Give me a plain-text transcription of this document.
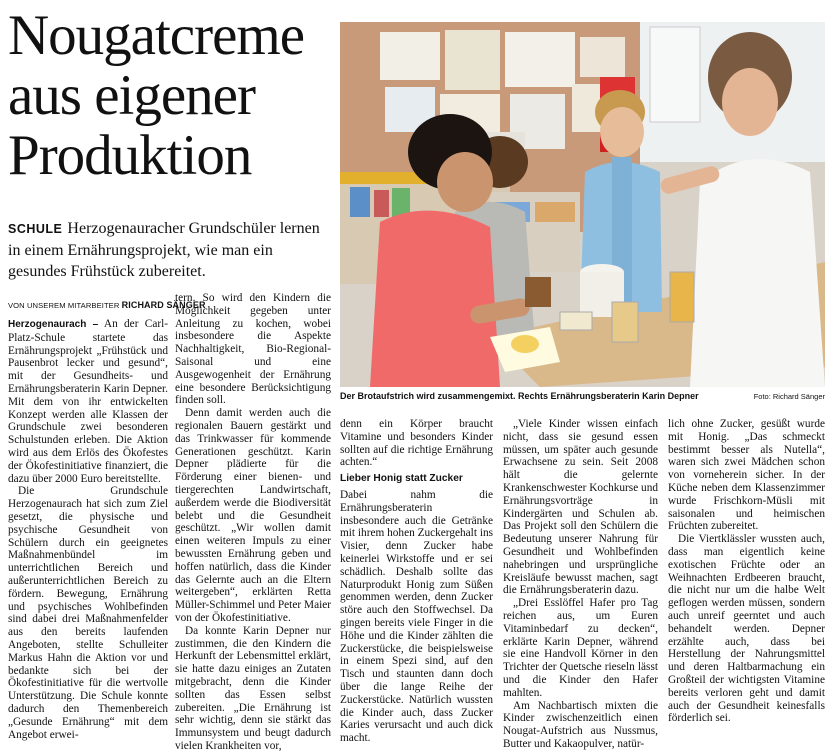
Nougatcreme aus eigener Produktion
SCHULE Herzogenauracher Grundschüler lernen in einem Ernährungsprojekt, wie man ein gesundes Frühstück zubereitet.
VON UNSEREM MITARBEITER RICHARD SÄNGER
Der Brotaufstrich wird zusammengemixt. Rechts Ernährungsberaterin Karin Depner	Foto: Richard Sänger

Herzogenaurach – An der Carl-Platz-Schule startete das Ernährungsprojekt „Frühstück und Pausenbrot lecker und gesund“, mit der Gesundheits- und Ernährungsberaterin Karin Depner. Mit dem von ihr entwickelten Konzept werden alle Klassen der Grundschule zwei besonderen Schulstunden erleben. Die Aktion wird aus dem Erlös des Ökofestes der Ökofestinitiative finanziert, die dazu über 2000 Euro bereitstellte.

Die Grundschule Herzogenaurach hat sich zum Ziel gesetzt, die physische und psychische Gesundheit von Schülern durch ein geeignetes Maßnahmenbündel im unterrichtlichen Bereich und außerunterrichtlichen Bereich zu fördern. Bewegung, Ernährung und psychisches Wohlbefinden sind dabei drei Maßnahmenfelder aus den bereits laufenden Angeboten, stellte Schulleiter Markus Hahn die Aktion vor und bedankte sich bei der Ökofestinitiative für die wertvolle Unterstützung. Die Schule konnte dadurch den Themenbereich „Gesunde Ernährung“ mit dem Angebot erwei-

tern. So wird den Kindern die Möglichkeit gegeben unter Anleitung zu kochen, wobei insbesondere die Aspekte Nachhaltigkeit, Bio-Regional-Saisonal und eine Ausgewogenheit der Ernährung eine besondere Berücksichtigung finden soll.

Denn damit werden auch die regionalen Bauern gestärkt und das Trinkwasser für kommende Generationen geschützt. Karin Depner plädierte für die Förderung einer bienen- und tiergerechten Landwirtschaft, außerdem werde die Biodiversität belebt und die Gesundheit geschützt. „Wir wollen damit einen weiteren Impuls zu einer bewussten Ernährung geben und hoffen natürlich, dass die Kinder das Gelernte auch an die Eltern weitergeben“, erklärten Retta Müller-Schimmel und Peter Maier von der Ökofestinitiative.

Da konnte Karin Depner nur zustimmen, die den Kindern die Herkunft der Lebensmittel erklärt, sie hatte dazu einiges an Zutaten mitgebracht, denn die Kinder sollten das Essen selbst zubereiten. „Die Ernährung ist sehr wichtig, denn sie stärkt das Immunsystem und beugt dadurch vielen Krankheiten vor,

denn ein Körper braucht Vitamine und besonders Kinder sollten auf die richtige Ernährung achten.“

Lieber Honig statt Zucker

Dabei nahm die Ernährungsberaterin insbesondere auch die Getränke mit ihrem hohen Zuckergehalt ins Visier, denn Zucker habe keinerlei Wirkstoffe und er sei schädlich. Deshalb sollte das Naturprodukt Honig zum Süßen genommen werden, denn Zucker störe auch den Stoffwechsel. Da gingen bereits viele Finger in die Höhe und die Kinder zählten die Zuckerstücke, die beispielsweise in einem Spezi sind, auf den Tisch und staunten dann doch über die lange Reihe der Zuckerstücke. Natürlich wussten die Kinder auch, dass Zucker Karies verursacht und auch dick macht.

„Viele Kinder wissen einfach nicht, dass sie gesund essen müssen, um später auch gesunde Erwachsene zu sein. Seit 2008 hält die gelernte Krankenschwester Kochkurse und Ernährungsvorträge in Kindergärten und Schulen ab. Das Projekt soll den Schülern die Bedeutung unserer Nahrung für Gesundheit und Wohlbefinden nahebringen und ursprüngliche Kreisläufe bewusst machen, sagt die Ernährungsberaterin dazu.

„Drei Esslöffel Hafer pro Tag reichen aus, um Euren Vitaminbedarf zu decken“, erklärte Karin Depner, während sie eine Handvoll Körner in den Trichter der Quetsche rieseln lässt und die Kinder den Hafer mahlten.

Am Nachbartisch mixten die Kinder zwischenzeitlich einen Nougat-Aufstrich aus Nussmus, Butter und Kakaopulver, natür-

lich ohne Zucker, gesüßt wurde mit Honig. „Das schmeckt bestimmt besser als Nutella“, waren sich zwei Mädchen schon von vorneherein sicher. In der Küche neben dem Klassenzimmer wurde Frischkorn-Müsli mit saisonalen und heimischen Früchten zubereitet.

Die Viertklässler wussten auch, dass man eigentlich keine exotischen Früchte oder an Weihnachten Erdbeeren braucht, die nicht nur um die halbe Welt geflogen werden müssen, sondern auch unreif geerntet und auch behandelt werden. Depner erzählte auch, dass bei Herstellung der Nahrungsmittel und deren Haltbarmachung ein Großteil der wichtigsten Vitamine bereits verloren geht und damit auch der Gesundheit keinesfalls förderlich sei.
